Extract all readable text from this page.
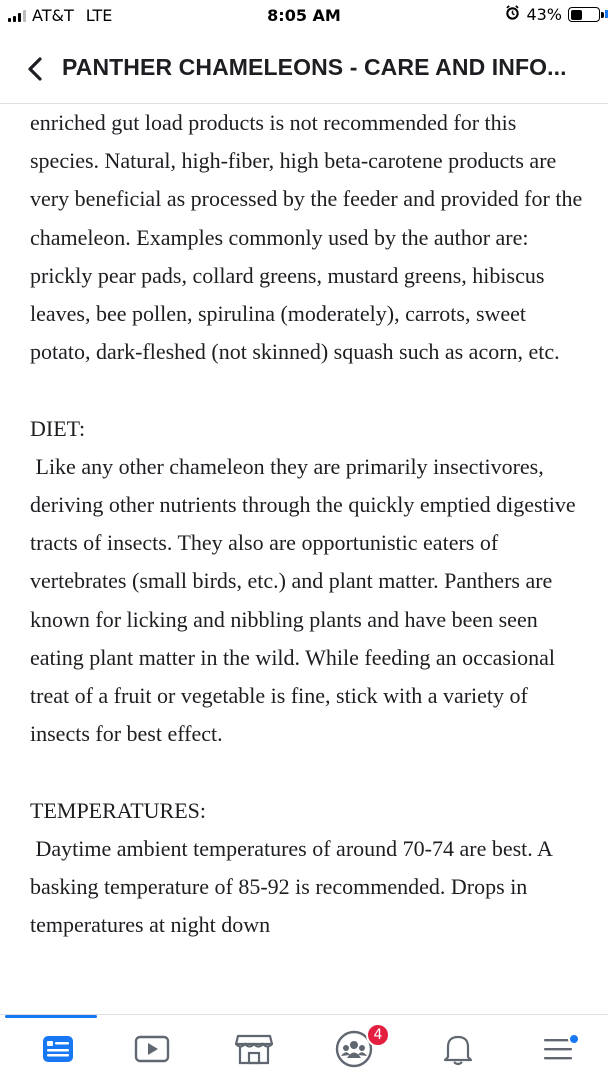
AT&T LTE	8:05 AM	43%
PANTHER CHAMELEONS - CARE AND INFO...

enriched gut load products is not recommended for this species. Natural, high-fiber, high beta-carotene products are very beneficial as processed by the feeder and provided for the chameleon. Examples commonly used by the author are: prickly pear pads, collard greens, mustard greens, hibiscus leaves, bee pollen, spirulina (moderately), carrots, sweet potato, dark-fleshed (not skinned) squash such as acorn, etc.

DIET:

Like any other chameleon they are primarily insectivores, deriving other nutrients through the quickly emptied digestive tracts of insects. They also are opportunistic eaters of vertebrates (small birds, etc.) and plant matter. Panthers are known for licking and nibbling plants and have been seen eating plant matter in the wild. While feeding an occasional treat of a fruit or vegetable is fine, stick with a variety of insects for best effect.

TEMPERATURES:

Daytime ambient temperatures of around 70-74 are best. A basking temperature of 85-92 is recommended. Drops in temperatures at night down

4
